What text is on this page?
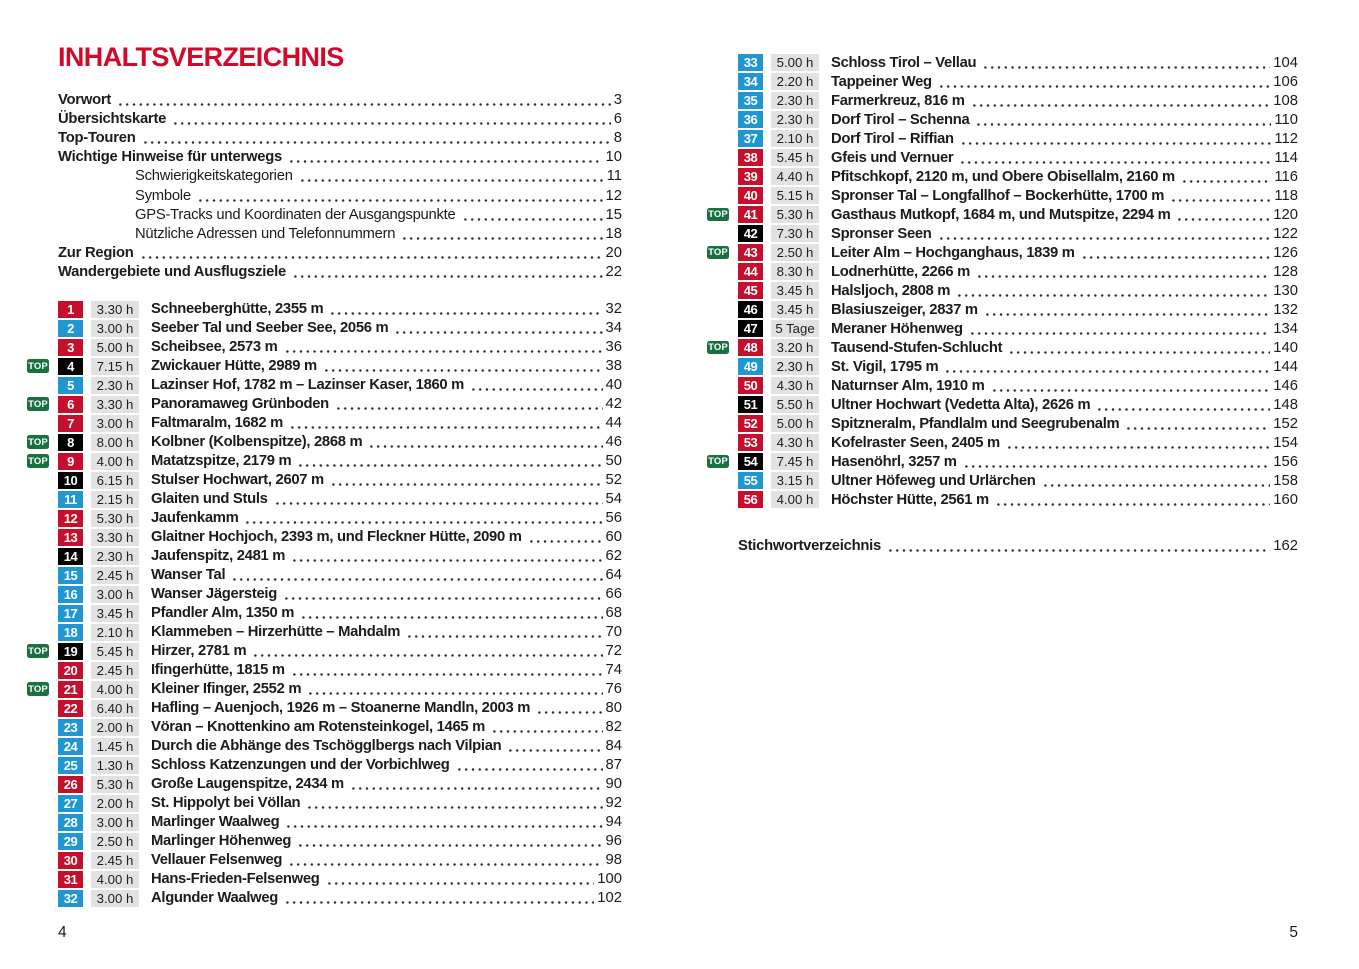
INHALTSVERZEICHNIS
Vorwort	3
Übersichtskarte	6
Top-Touren	8
Wichtige Hinweise für unterwegs	10
Schwierigkeitskategorien	11
Symbole	12
GPS-Tracks und Koordinaten der Ausgangspunkte	15
Nützliche Adressen und Telefonnummern	18
Zur Region	20
Wandergebiete und Ausflugsziele	22
1	3.30 h	Schneeberghütte, 2355 m	32
2	3.00 h	Seeber Tal und Seeber See, 2056 m	34
3	5.00 h	Scheibsee, 2573 m	36
TOP	4	7.15 h	Zwickauer Hütte, 2989 m	38
5	2.30 h	Lazinser Hof, 1782 m – Lazinser Kaser, 1860 m	40
TOP	6	3.30 h	Panoramaweg Grünboden	42
7	3.00 h	Faltmaralm, 1682 m	44
TOP	8	8.00 h	Kolbner (Kolbenspitze), 2868 m	46
TOP	9	4.00 h	Matatzspitze, 2179 m	50
10	6.15 h	Stulser Hochwart, 2607 m	52
11	2.15 h	Glaiten und Stuls	54
12	5.30 h	Jaufenkamm	56
13	3.30 h	Glaitner Hochjoch, 2393 m, und Fleckner Hütte, 2090 m	60
14	2.30 h	Jaufenspitz, 2481 m	62
15	2.45 h	Wanser Tal	64
16	3.00 h	Wanser Jägersteig	66
17	3.45 h	Pfandler Alm, 1350 m	68
18	2.10 h	Klammeben – Hirzerhütte – Mahdalm	70
TOP	19	5.45 h	Hirzer, 2781 m	72
20	2.45 h	Ifingerhütte, 1815 m	74
TOP	21	4.00 h	Kleiner Ifinger, 2552 m	76
22	6.40 h	Hafling – Auenjoch, 1926 m – Stoanerne Mandln, 2003 m	80
23	2.00 h	Vöran – Knottenkino am Rotensteinkogel, 1465 m	82
24	1.45 h	Durch die Abhänge des Tschögglbergs nach Vilpian	84
25	1.30 h	Schloss Katzenzungen und der Vorbichlweg	87
26	5.30 h	Große Laugenspitze, 2434 m	90
27	2.00 h	St. Hippolyt bei Völlan	92
28	3.00 h	Marlinger Waalweg	94
29	2.50 h	Marlinger Höhenweg	96
30	2.45 h	Vellauer Felsenweg	98
31	4.00 h	Hans-Frieden-Felsenweg	100
32	3.00 h	Algunder Waalweg	102
33	5.00 h	Schloss Tirol – Vellau	104
34	2.20 h	Tappeiner Weg	106
35	2.30 h	Farmerkreuz, 816 m	108
36	2.30 h	Dorf Tirol – Schenna	110
37	2.10 h	Dorf Tirol – Riffian	112
38	5.45 h	Gfeis und Vernuer	114
39	4.40 h	Pfitschkopf, 2120 m, und Obere Obisellalm, 2160 m	116
40	5.15 h	Spronser Tal – Longfallhof – Bockerhütte, 1700 m	118
TOP	41	5.30 h	Gasthaus Mutkopf, 1684 m, und Mutspitze, 2294 m	120
42	7.30 h	Spronser Seen	122
TOP	43	2.50 h	Leiter Alm – Hochganghaus, 1839 m	126
44	8.30 h	Lodnerhütte, 2266 m	128
45	3.45 h	Halsljoch, 2808 m	130
46	3.45 h	Blasiuszeiger, 2837 m	132
47	5 Tage Meraner Höhenweg	134
TOP	48	3.20 h	Tausend-Stufen-Schlucht	140
49	2.30 h	St. Vigil, 1795 m	144
50	4.30 h	Naturnser Alm, 1910 m	146
51	5.50 h	Ultner Hochwart (Vedetta Alta), 2626 m	148
52	5.00 h	Spitzneralm, Pfandlalm und Seegrubenalm	152
53	4.30 h	Kofelraster Seen, 2405 m	154
TOP	54	7.45 h	Hasenöhrl, 3257 m	156
55	3.15 h	Ultner Höfeweg und Urlärchen	158
56	4.00 h	Höchster Hütte, 2561 m	160
Stichwortverzeichnis	162
4	5
